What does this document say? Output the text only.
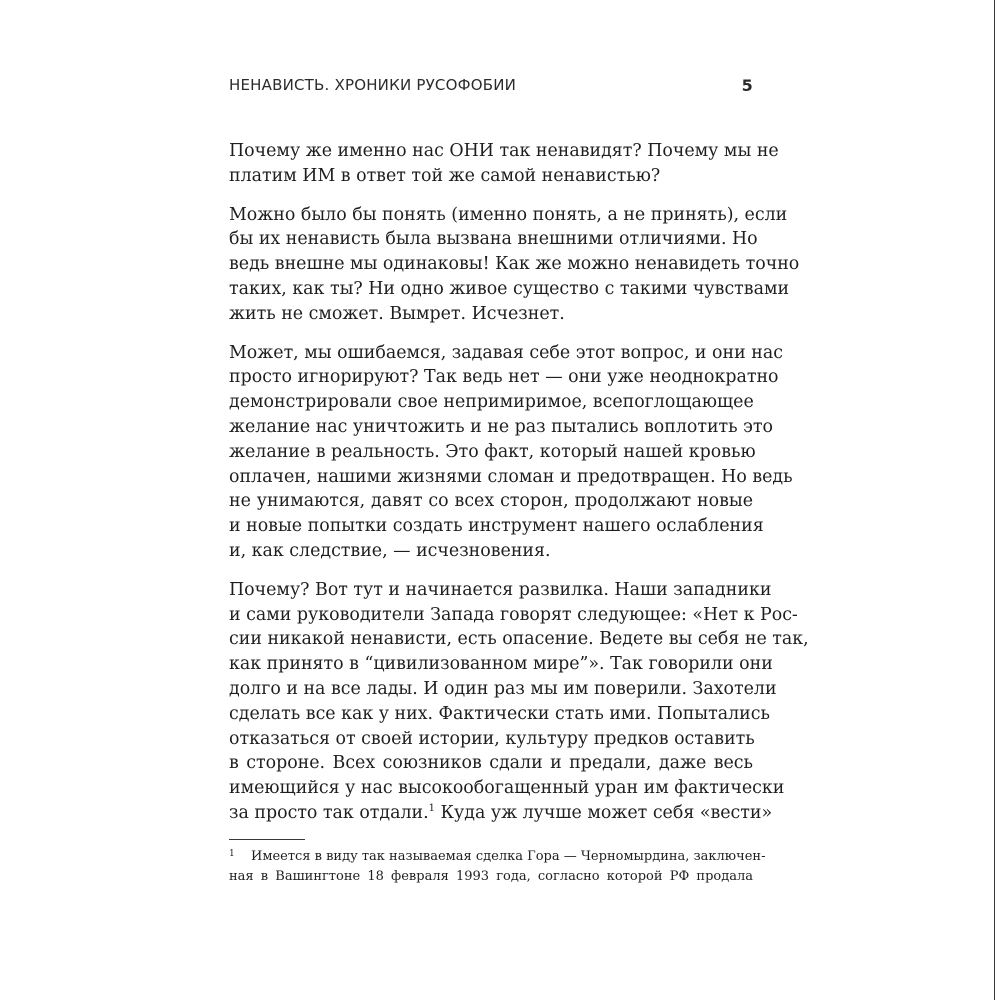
НЕНАВИСТЬ. ХРОНИКИ РУСОФОБИИ	5
Почему же именно нас ОНИ так ненавидят? Почему мы не
платим ИМ в ответ той же самой ненавистью?
Можно было бы понять (именно понять, а не принять), если
бы их ненависть была вызвана внешними отличиями. Но
ведь внешне мы одинаковы! Как же можно ненавидеть точно
таких, как ты? Ни одно живое существо с такими чувствами
жить не сможет. Вымрет. Исчезнет.
Может, мы ошибаемся, задавая себе этот вопрос, и они нас
просто игнорируют? Так ведь нет — они уже неоднократно
демонстрировали свое непримиримое, всепоглощающее
желание нас уничтожить и не раз пытались воплотить это
желание в реальность. Это факт, который нашей кровью
оплачен, нашими жизнями сломан и предотвращен. Но ведь
не унимаются, давят со всех сторон, продолжают новые
и новые попытки создать инструмент нашего ослабления
и, как следствие, — исчезновения.
Почему? Вот тут и начинается развилка. Наши западники
и сами руководители Запада говорят следующее: «Нет к Рос-
сии никакой ненависти, есть опасение. Ведете вы себя не так,
как принято в “цивилизованном мире”». Так говорили они
долго и на все лады. И один раз мы им поверили. Захотели
сделать все как у них. Фактически стать ими. Попытались
отказаться от своей истории, культуру предков оставить
в стороне. Всех союзников сдали и предали, даже весь
имеющийся у нас высокообогащенный уран им фактически
за просто так отдали.$^1$ Куда уж лучше может себя «вести»
1 Имеется в виду так называемая сделка Гора — Черномырдина, заключен-
ная в Вашингтоне 18 февраля 1993 года, согласно которой РФ продала
